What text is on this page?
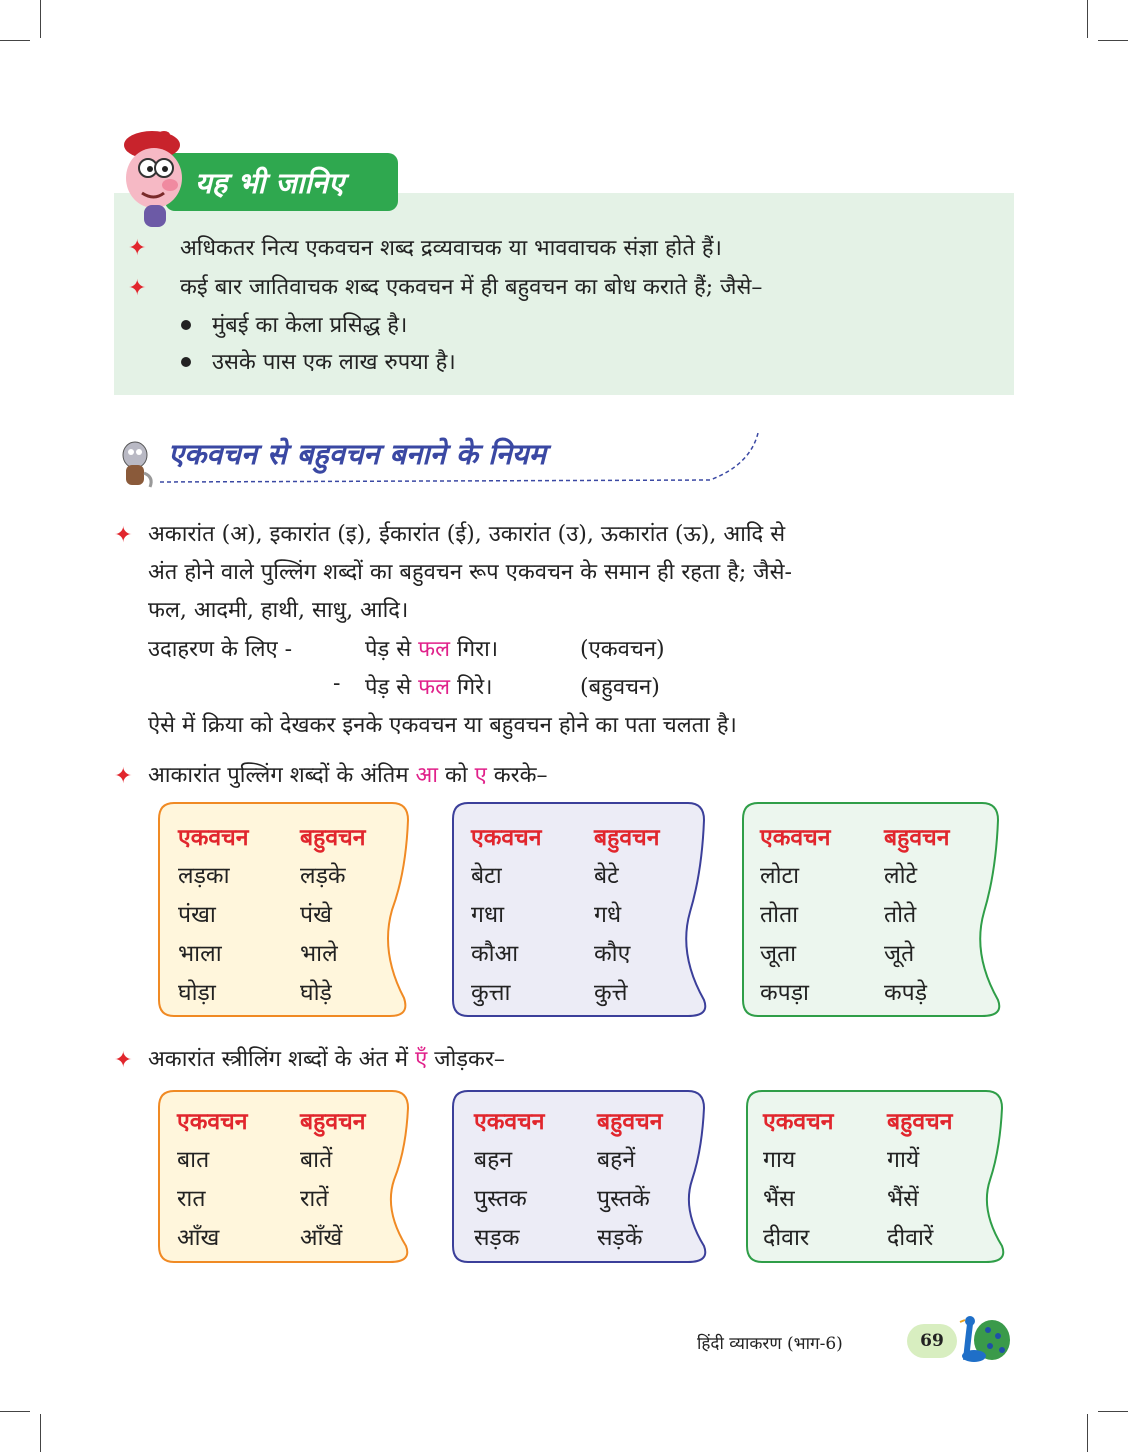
यह भी जानिए
✦ अधिकतर नित्य एकवचन शब्द द्रव्यवाचक या भाववाचक संज्ञा होते हैं।
✦ कई बार जातिवाचक शब्द एकवचन में ही बहुवचन का बोध कराते हैं; जैसे–
मुंबई का केला प्रसिद्ध है।
उसके पास एक लाख रुपया है।
एकवचन से बहुवचन बनाने के नियम
✦ अकारांत (अ), इकारांत (इ), ईकारांत (ई), उकारांत (उ), ऊकारांत (ऊ), आदि से
अंत होने वाले पुल्लिंग शब्दों का बहुवचन रूप एकवचन के समान ही रहता है; जैसे-
फल, आदमी, हाथी, साधु, आदि।
उदाहरण के लिए -	पेड़ से फल गिरा।	(एकवचन)
- पेड़ से फल गिरे।	(बहुवचन)
ऐसे में क्रिया को देखकर इनके एकवचन या बहुवचन होने का पता चलता है।
✦ आकारांत पुल्लिंग शब्दों के अंतिम आ को ए करके–
एकवचन बहुवचन
लड़का	लड़के
पंखा	पंखे
भाला	भाले
घोड़ा	घोड़े
एकवचन बहुवचन
बेटा	बेटे
गधा	गधे
कौआ	कौए
कुत्ता	कुत्ते
एकवचन बहुवचन
लोटा	लोटे
तोता	तोते
जूता	जूते
कपड़ा	कपड़े
✦ अकारांत स्त्रीलिंग शब्दों के अंत में एँ जोड़कर–
एकवचन बहुवचन
बात	बातें
रात	रातें
आँख	आँखें
एकवचन बहुवचन
बहन	बहनें
पुस्तक	पुस्तकें
सड़क	सड़कें
एकवचन बहुवचन
गाय	गायें
भैंस	भैंसें
दीवार	दीवारें
हिंदी व्याकरण (भाग-6)	69
